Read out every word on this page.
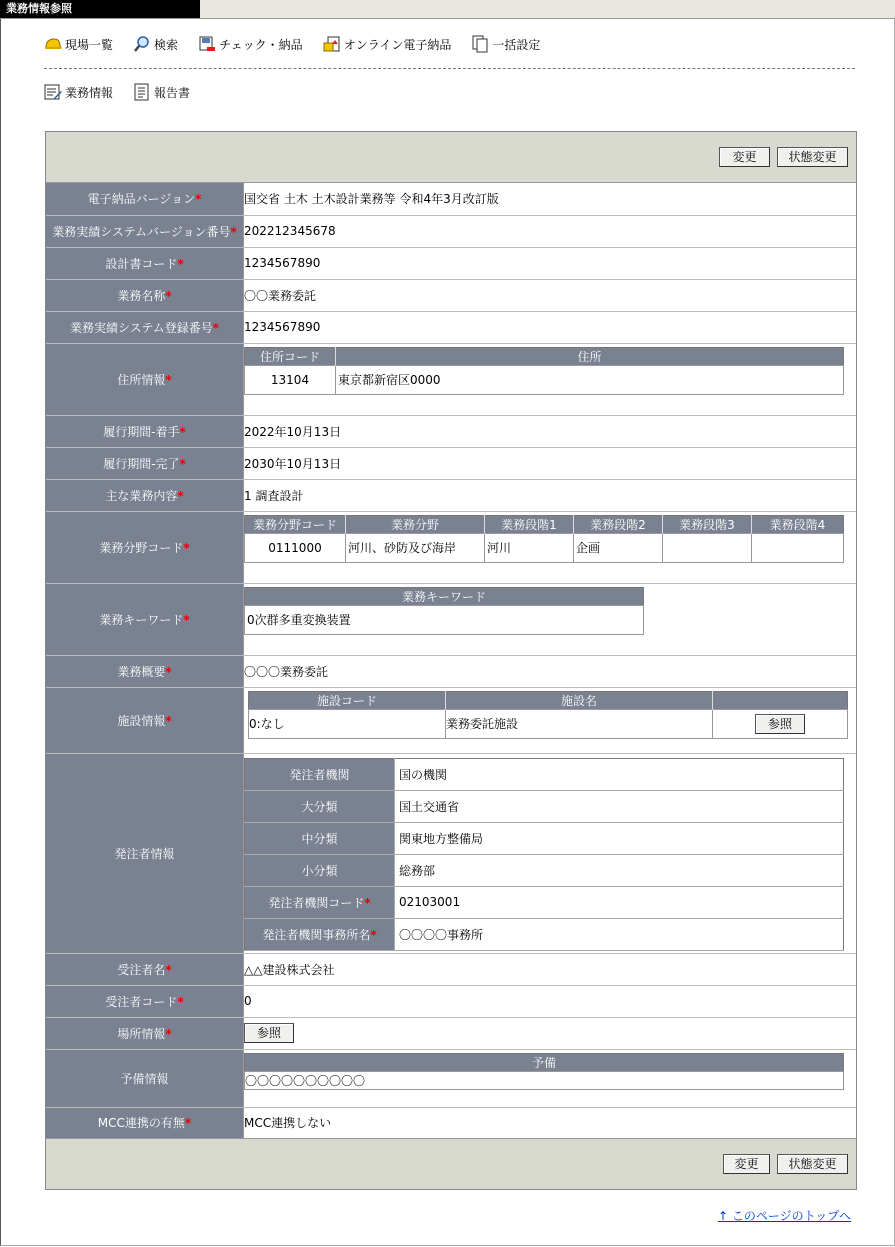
業務情報参照
現場一覧	検索	チェック・納品	オンライン電子納品	一括設定
業務情報	報告書
変更	状態変更
電子納品バージョン*	国交省 土木 土木設計業務等 令和4年3月改訂版
業務実績システムバージョン番号*	202212345678
設計書コード*	1234567890
業務名称*	〇〇業務委託
業務実績システム登録番号*	1234567890
住所情報*	
住所コード	住所
13104	東京都新宿区0000

履行期間-着手*	2022年10月13日
履行期間-完了*	2030年10月13日
主な業務内容*	1 調査設計
業務分野コード*	
業務分野コード	業務分野	業務段階1	業務段階2	業務段階3	業務段階4
0111000	河川、砂防及び海岸	河川	企画		

業務キーワード*	
業務キーワード
0次群多重変換装置

業務概要*	〇〇〇業務委託
施設情報*	
施設コード	施設名	
0:なし	業務委託施設	参照

発注者情報	
発注者機関	国の機関
大分類	国土交通省
中分類	関東地方整備局
小分類	総務部
発注者機関コード*	02103001
発注者機関事務所名*	〇〇〇〇事務所

受注者名*	△△建設株式会社
受注者コード*	0
場所情報*	参照
予備情報	
予備
〇〇〇〇〇〇〇〇〇〇

MCC連携の有無*	MCC連携しない
変更	状態変更
↑ このページのトップへ
